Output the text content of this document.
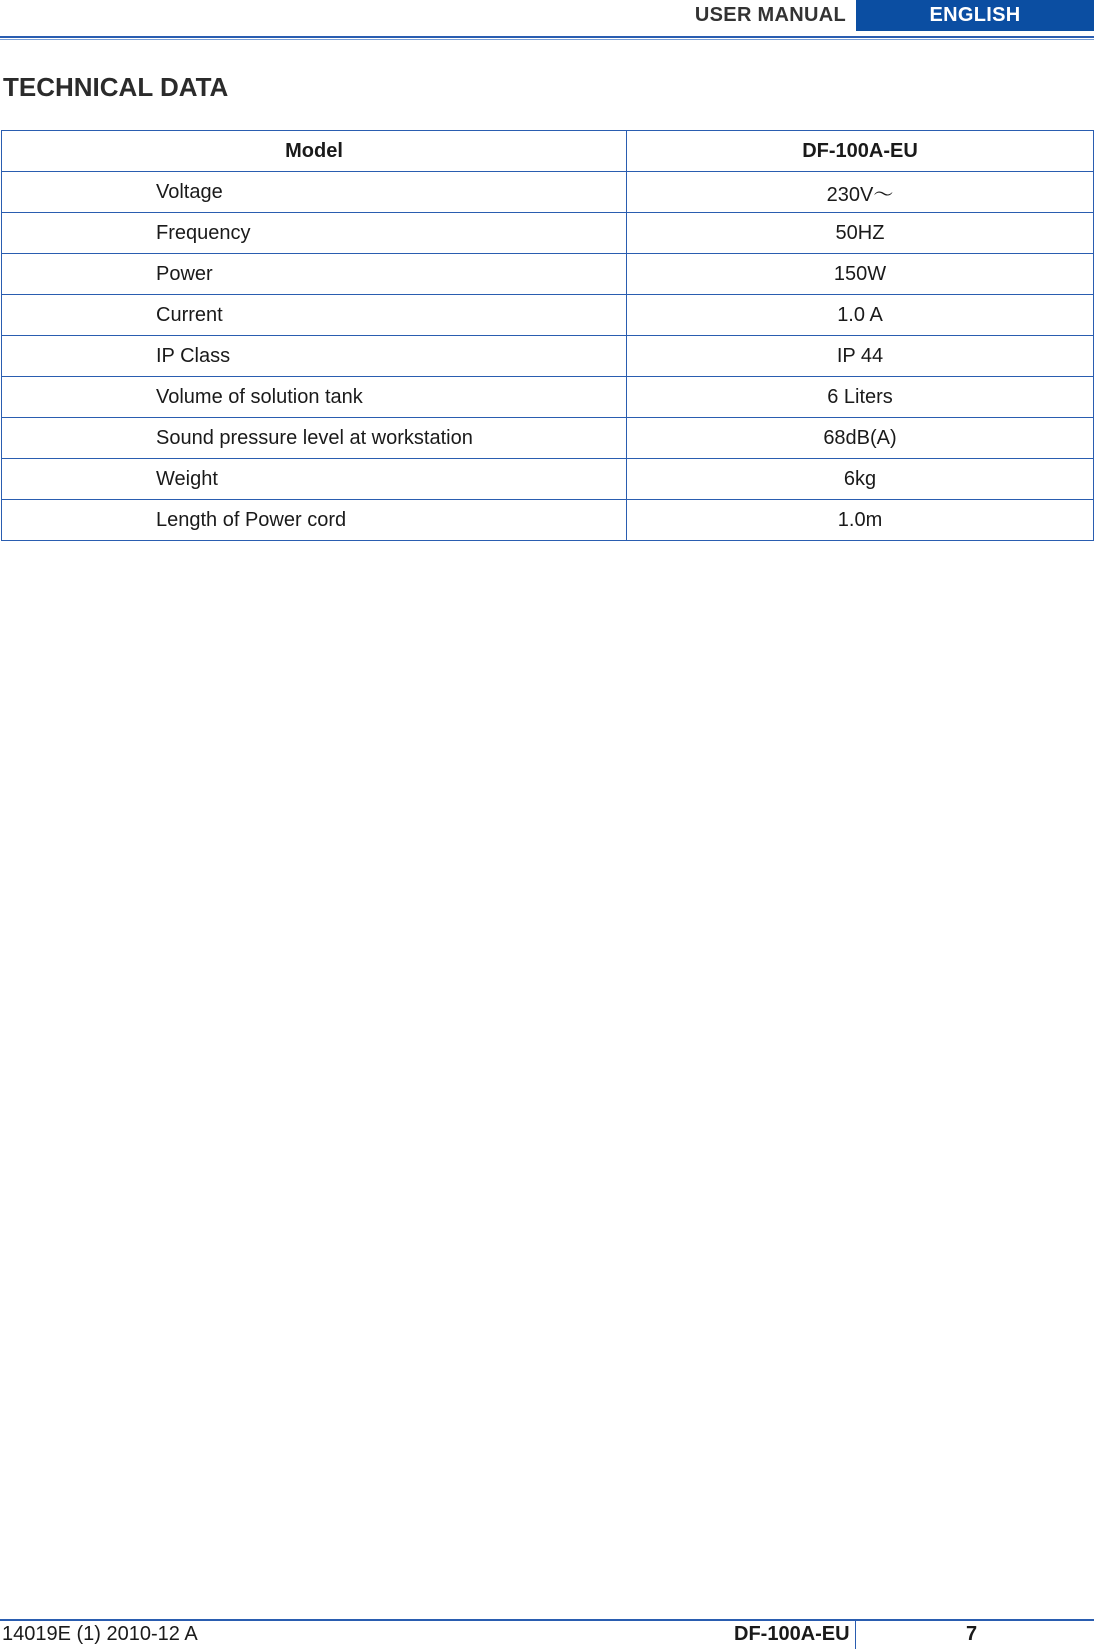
USER MANUAL	ENGLISH
TECHNICAL DATA
Model	DF-100A-EU
Voltage	230V～
Frequency	50HZ
Power	150W
Current	1.0 A
IP Class	IP 44
Volume of solution tank	6 Liters
Sound pressure level at workstation	68dB(A)
Weight	6kg
Length of Power cord	1.0m
14019E (1) 2010-12 A	DF-100A-EU	7
